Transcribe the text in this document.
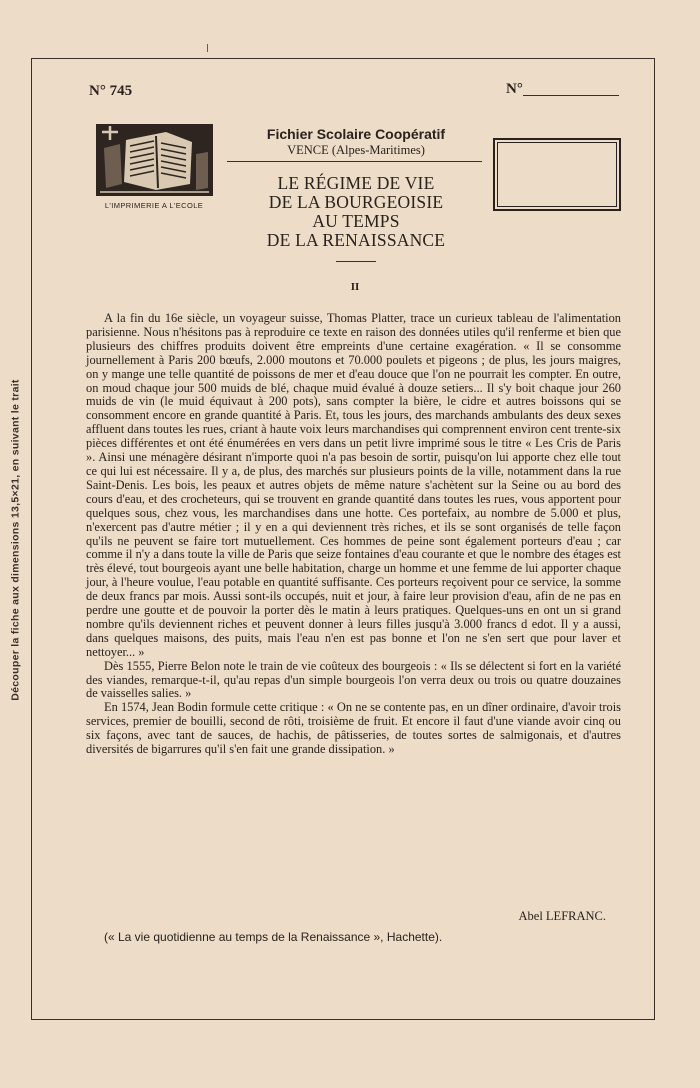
Découper la fiche aux dimensions 13,5×21, en suivant le trait
N° 745	N°
L'IMPRIMERIE A L'ECOLE
Fichier Scolaire Coopératif
VENCE (Alpes-Maritimes)
LE RÉGIME DE VIE
DE LA BOURGEOISIE
AU TEMPS
DE LA RENAISSANCE
II

A la fin du 16e siècle, un voyageur suisse, Thomas Platter, trace un curieux tableau de l'alimentation parisienne. Nous n'hésitons pas à reproduire ce texte en raison des données utiles qu'il renferme et bien que plusieurs des chiffres produits doivent être empreints d'une certaine exagération. « Il se consomme journellement à Paris 200 bœufs, 2.000 moutons et 70.000 poulets et pigeons ; de plus, les jours maigres, on y mange une telle quantité de poissons de mer et d'eau douce que l'on ne pourrait les compter. En outre, on moud chaque jour 500 muids de blé, chaque muid évalué à douze setiers... Il s'y boit chaque jour 260 muids de vin (le muid équivaut à 200 pots), sans compter la bière, le cidre et autres boissons qui se consomment encore en grande quantité à Paris. Et, tous les jours, des marchands ambulants des deux sexes affluent dans toutes les rues, criant à haute voix leurs marchandises qui comprennent environ cent trente-six pièces différentes et ont été énumérées en vers dans un petit livre imprimé sous le titre « Les Cris de Paris ». Ainsi une ménagère désirant n'importe quoi n'a pas besoin de sortir, puisqu'on lui apporte chez elle tout ce qui lui est nécessaire. Il y a, de plus, des marchés sur plusieurs points de la ville, notamment dans la rue Saint-Denis. Les bois, les peaux et autres objets de même nature s'achètent sur la Seine ou au bord des cours d'eau, et des crocheteurs, qui se trouvent en grande quantité dans toutes les rues, vous apportent pour quelques sous, chez vous, les marchandises dans une hotte. Ces portefaix, au nombre de 5.000 et plus, n'exercent pas d'autre métier ; il y en a qui deviennent très riches, et ils se sont organisés de telle façon qu'ils ne peuvent se faire tort mutuellement. Ces hommes de peine sont également porteurs d'eau ; car comme il n'y a dans toute la ville de Paris que seize fontaines d'eau courante et que le nombre des étages est très élevé, tout bourgeois ayant une belle habitation, charge un homme et une femme de lui apporter chaque jour, à l'heure voulue, l'eau potable en quantité suffisante. Ces porteurs reçoivent pour ce service, la somme de deux francs par mois. Aussi sont-ils occupés, nuit et jour, à faire leur provision d'eau, afin de ne pas en perdre une goutte et de pouvoir la porter dès le matin à leurs pratiques. Quelques-uns en ont un si grand nombre qu'ils deviennent riches et peuvent donner à leurs filles jusqu'à 3.000 francs d edot. Il y a aussi, dans quelques maisons, des puits, mais l'eau n'en est pas bonne et l'on ne s'en sert que pour laver et nettoyer... »

Dès 1555, Pierre Belon note le train de vie coûteux des bourgeois : « Ils se délectent si fort en la variété des viandes, remarque-t-il, qu'au repas d'un simple bourgeois l'on verra deux ou trois ou quatre douzaines de vaisselles salies. »

En 1574, Jean Bodin formule cette critique : « On ne se contente pas, en un dîner ordinaire, d'avoir trois services, premier de bouilli, second de rôti, troisième de fruit. Et encore il faut d'une viande avoir cinq ou six façons, avec tant de sauces, de hachis, de pâtisseries, de toutes sortes de salmigonais, et d'autres diversités de bigarrures qu'il s'en fait une grande dissipation. »

Abel LEFRANC.
(« La vie quotidienne au temps de la Renaissance », Hachette).
